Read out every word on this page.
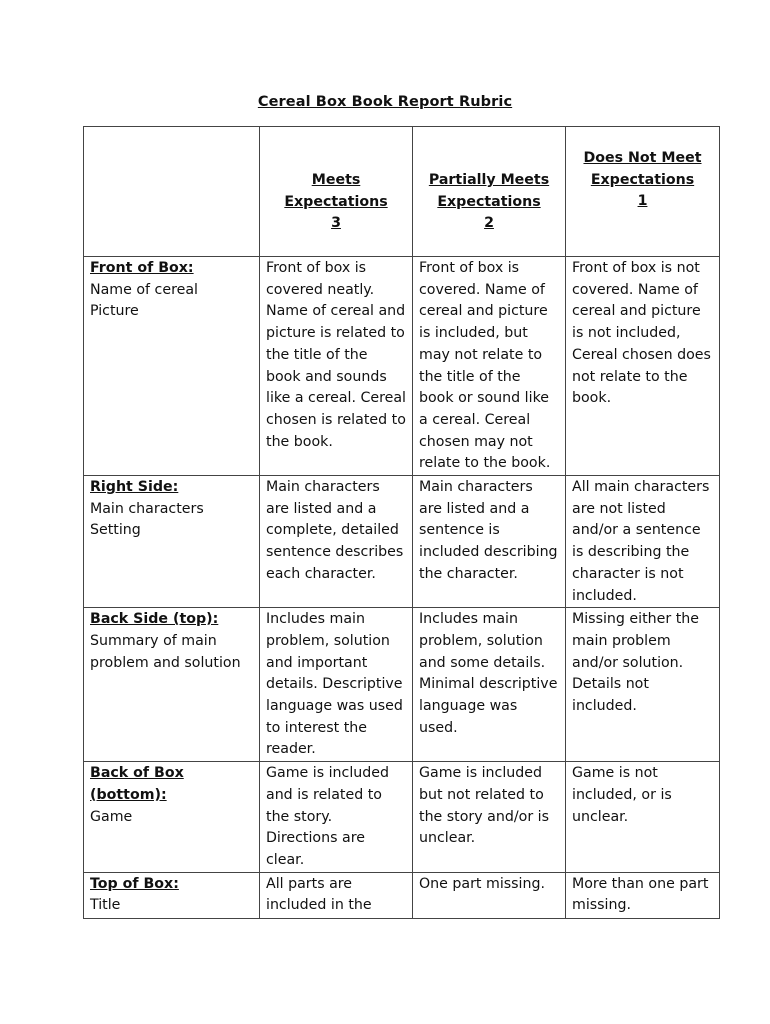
Cereal Box Book Report Rubric

	Meets
Expectations
3	Partially Meets
Expectations
2	Does Not Meet
Expectations
1

Front of Box:
Name of cereal
Picture	Front of box is covered neatly. Name of cereal and picture is related to the title of the book and sounds like a cereal. Cereal chosen is related to the book.	Front of box is covered. Name of cereal and picture is included, but may not relate to the title of the book or sound like a cereal. Cereal chosen may not relate to the book.	Front of box is not covered. Name of cereal and picture is not included, Cereal chosen does not relate to the book.

Right Side:
Main characters
Setting	Main characters are listed and a complete, detailed sentence describes each character.	Main characters are listed and a sentence is included describing the character.	All main characters are not listed and/or a sentence is describing the character is not included.

Back Side (top):
Summary of main problem and solution	Includes main problem, solution and important details. Descriptive language was used to interest the reader.	Includes main problem, solution and some details. Minimal descriptive language was used.	Missing either the main problem and/or solution. Details not included.

Back of Box (bottom):
Game	Game is included and is related to the story. Directions are clear.	Game is included but not related to the story and/or is unclear.	Game is not included, or is unclear.

Top of Box:
Title	All parts are included in the	One part missing.	More than one part missing.
